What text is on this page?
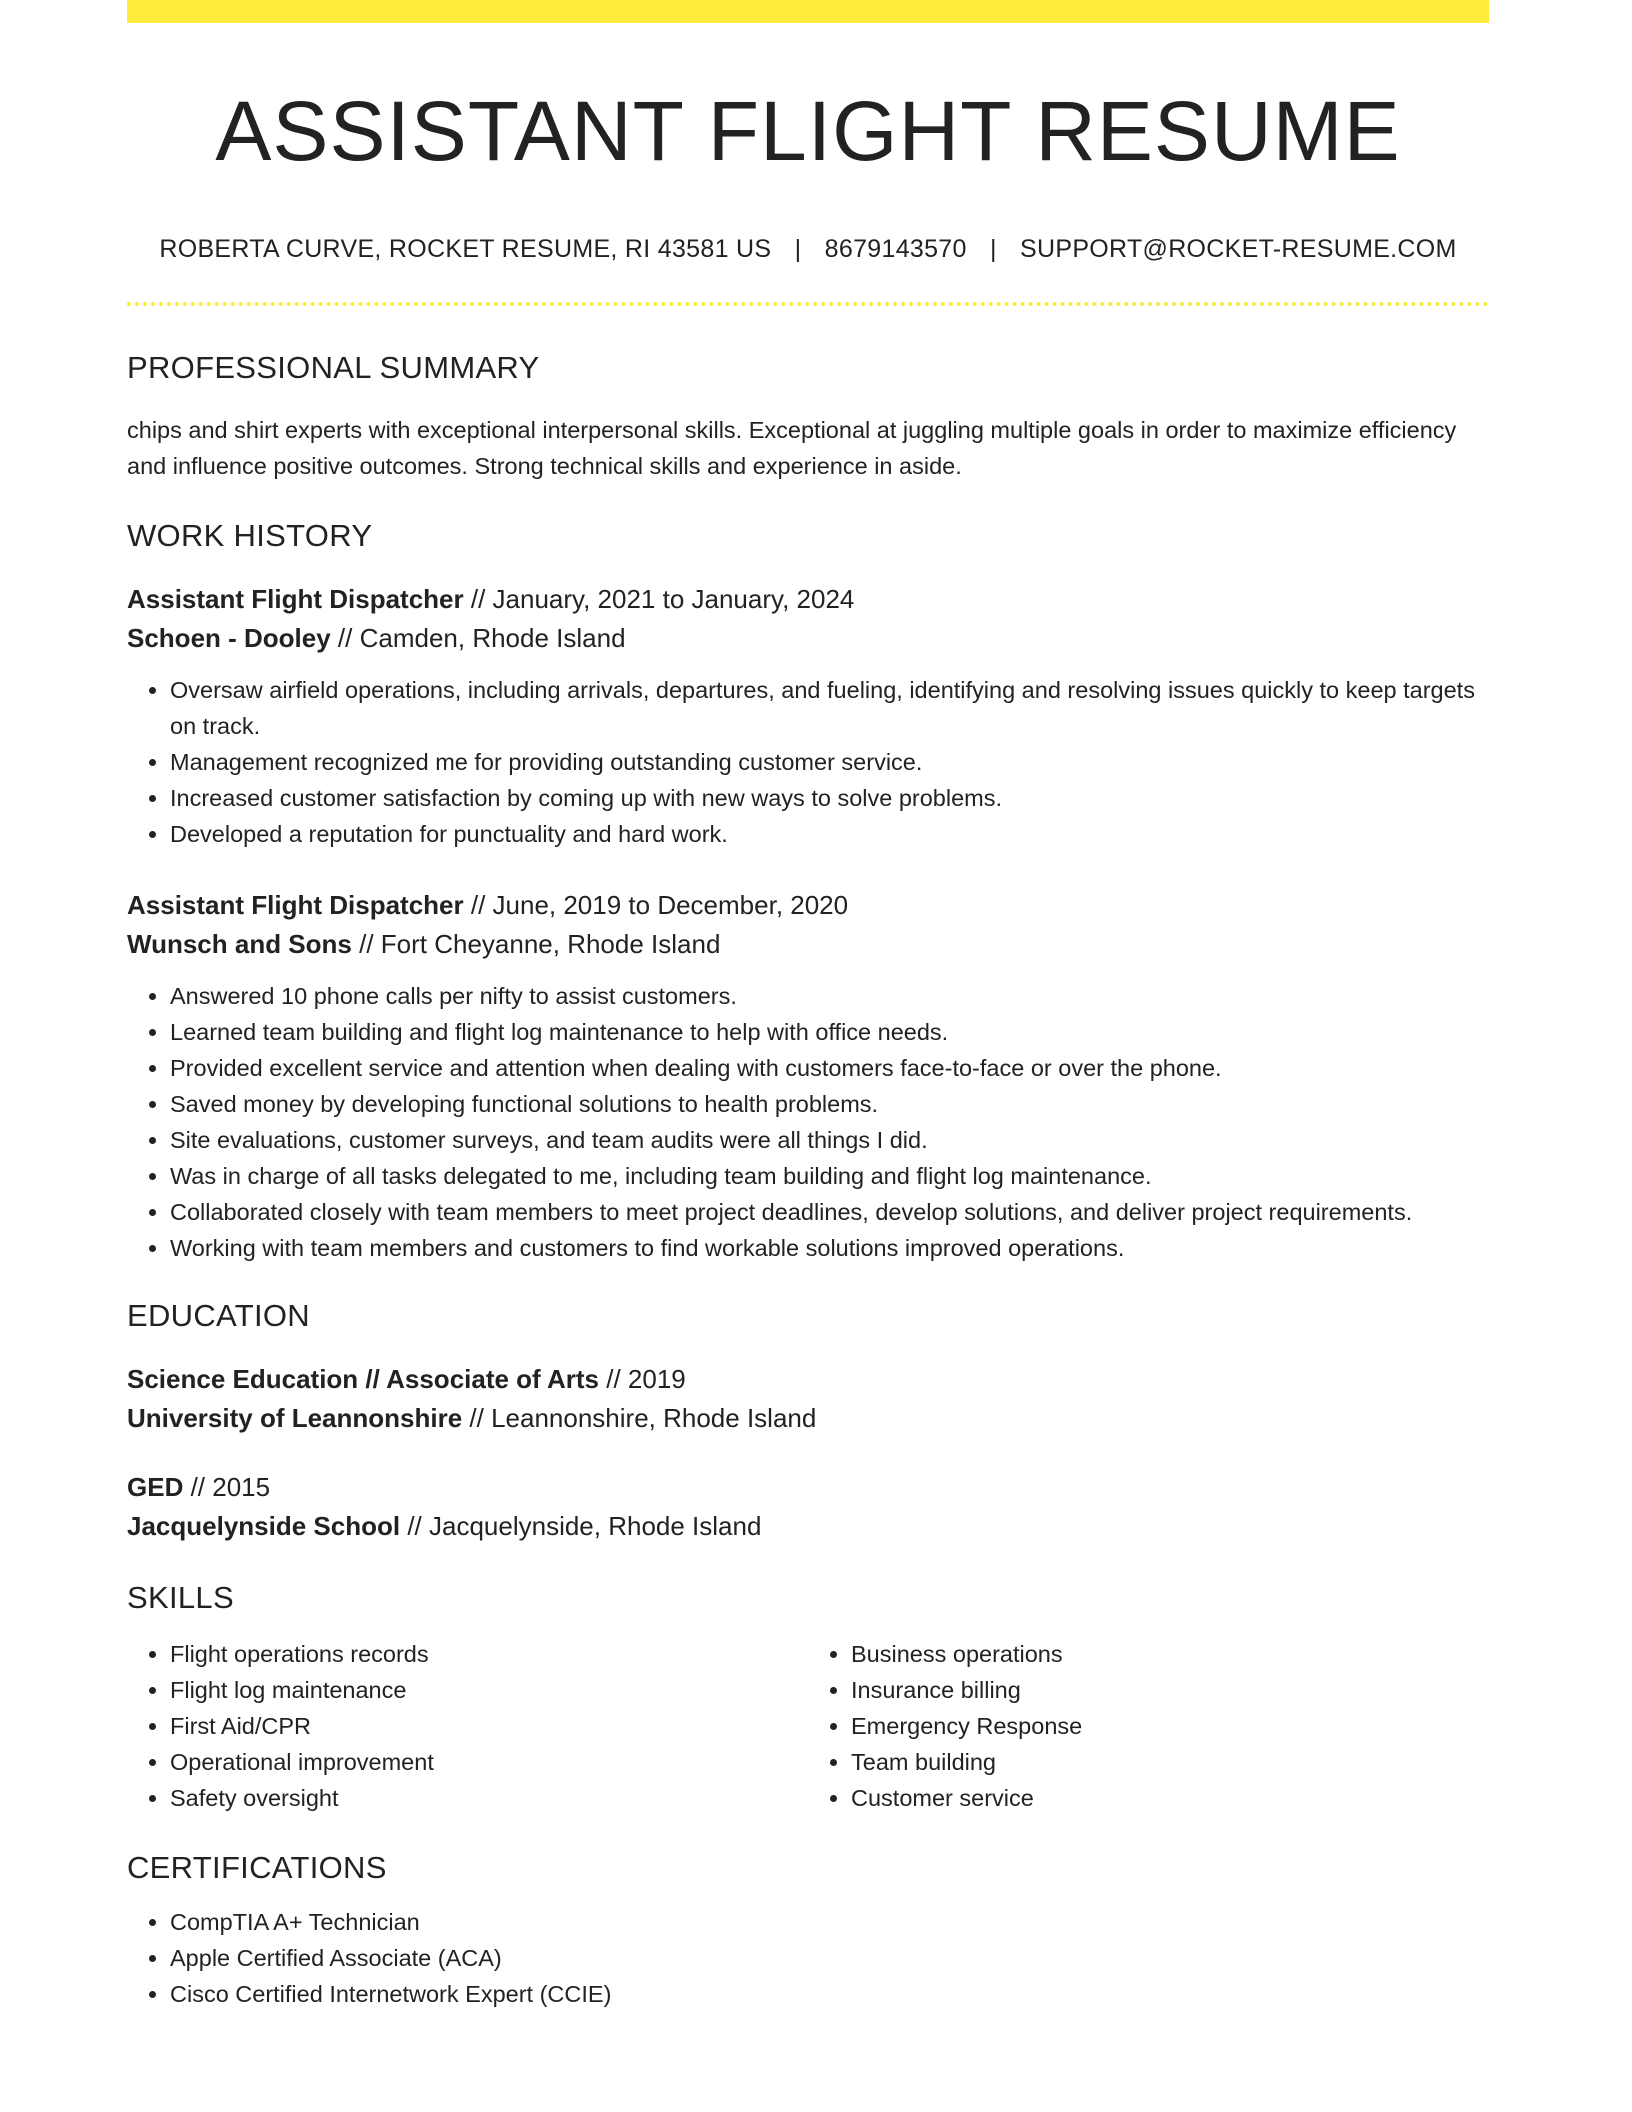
ASSISTANT FLIGHT RESUME
ROBERTA CURVE, ROCKET RESUME, RI 43581 US | 8679143570 | SUPPORT@ROCKET-RESUME.COM
PROFESSIONAL SUMMARY
chips and shirt experts with exceptional interpersonal skills. Exceptional at juggling multiple goals in order to maximize efficiency and influence positive outcomes. Strong technical skills and experience in aside.
WORK HISTORY
Assistant Flight Dispatcher // January, 2021 to January, 2024
Schoen - Dooley // Camden, Rhode Island
• Oversaw airfield operations, including arrivals, departures, and fueling, identifying and resolving issues quickly to keep targets on track.
• Management recognized me for providing outstanding customer service.
• Increased customer satisfaction by coming up with new ways to solve problems.
• Developed a reputation for punctuality and hard work.
Assistant Flight Dispatcher // June, 2019 to December, 2020
Wunsch and Sons // Fort Cheyanne, Rhode Island
• Answered 10 phone calls per nifty to assist customers.
• Learned team building and flight log maintenance to help with office needs.
• Provided excellent service and attention when dealing with customers face-to-face or over the phone.
• Saved money by developing functional solutions to health problems.
• Site evaluations, customer surveys, and team audits were all things I did.
• Was in charge of all tasks delegated to me, including team building and flight log maintenance.
• Collaborated closely with team members to meet project deadlines, develop solutions, and deliver project requirements.
• Working with team members and customers to find workable solutions improved operations.
EDUCATION
Science Education // Associate of Arts // 2019
University of Leannonshire // Leannonshire, Rhode Island
GED // 2015
Jacquelynside School // Jacquelynside, Rhode Island
SKILLS
• Flight operations records
• Flight log maintenance
• First Aid/CPR
• Operational improvement
• Safety oversight
• Business operations
• Insurance billing
• Emergency Response
• Team building
• Customer service
CERTIFICATIONS
• CompTIA A+ Technician
• Apple Certified Associate (ACA)
• Cisco Certified Internetwork Expert (CCIE)
